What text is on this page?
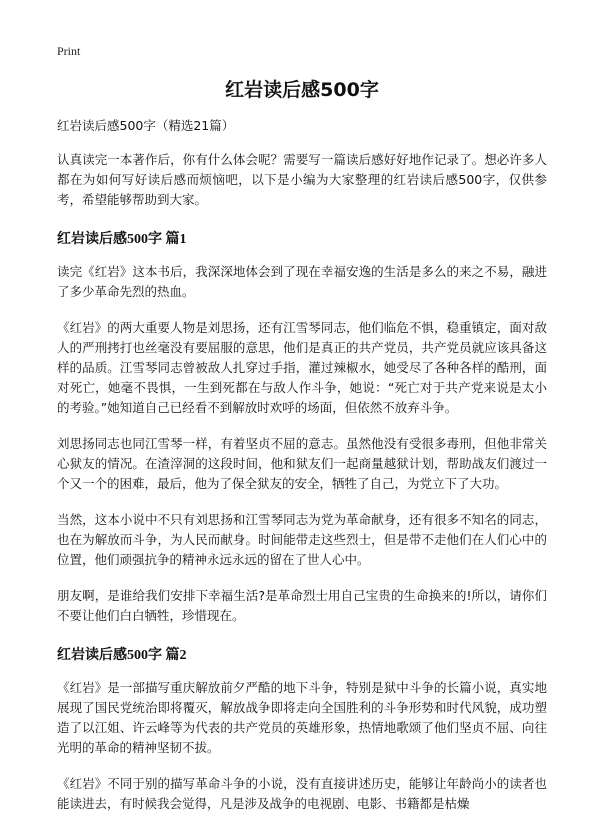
Print
红岩读后感500字
红岩读后感500字（精选21篇）

认真读完一本著作后，你有什么体会呢？需要写一篇读后感好好地作记录了。想必许多人都在为如何写好读后感而烦恼吧，以下是小编为大家整理的红岩读后感500字，仅供参考，希望能够帮助到大家。

红岩读后感500字 篇1

读完《红岩》这本书后，我深深地体会到了现在幸福安逸的生活是多么的来之不易，融进了多少革命先烈的热血。

《红岩》的两大重要人物是刘思扬，还有江雪琴同志，他们临危不惧，稳重镇定，面对敌人的严刑拷打也丝毫没有要屈服的意思，他们是真正的共产党员，共产党员就应该具备这样的品质。江雪琴同志曾被敌人扎穿过手指，灌过辣椒水，她受尽了各种各样的酷刑，面对死亡，她毫不畏惧，一生到死都在与敌人作斗争，她说：“死亡对于共产党来说是太小的考验。”她知道自己已经看不到解放时欢呼的场面，但依然不放弃斗争。

刘思扬同志也同江雪琴一样，有着坚贞不屈的意志。虽然他没有受很多毒刑，但他非常关心狱友的情况。在渣滓洞的这段时间，他和狱友们一起商量越狱计划，帮助战友们渡过一个又一个的困难，最后，他为了保全狱友的安全，牺牲了自己，为党立下了大功。

当然，这本小说中不只有刘思扬和江雪琴同志为党为革命献身，还有很多不知名的同志，也在为解放而斗争，为人民而献身。时间能带走这些烈士，但是带不走他们在人们心中的位置，他们顽强抗争的精神永远永远的留在了世人心中。

朋友啊，是谁给我们安排下幸福生活?是革命烈士用自己宝贵的生命换来的!所以，请你们不要让他们白白牺牲，珍惜现在。

红岩读后感500字 篇2

《红岩》是一部描写重庆解放前夕严酷的地下斗争，特别是狱中斗争的长篇小说，真实地展现了国民党统治即将覆灭，解放战争即将走向全国胜利的斗争形势和时代风貌，成功塑造了以江姐、许云峰等为代表的共产党员的英雄形象，热情地歌颂了他们坚贞不屈、向往光明的革命的精神坚韧不拔。

《红岩》不同于别的描写革命斗争的小说，没有直接讲述历史，能够让年龄尚小的读者也能读进去，有时候我会觉得，凡是涉及战争的电视剧、电影、书籍都是枯燥
